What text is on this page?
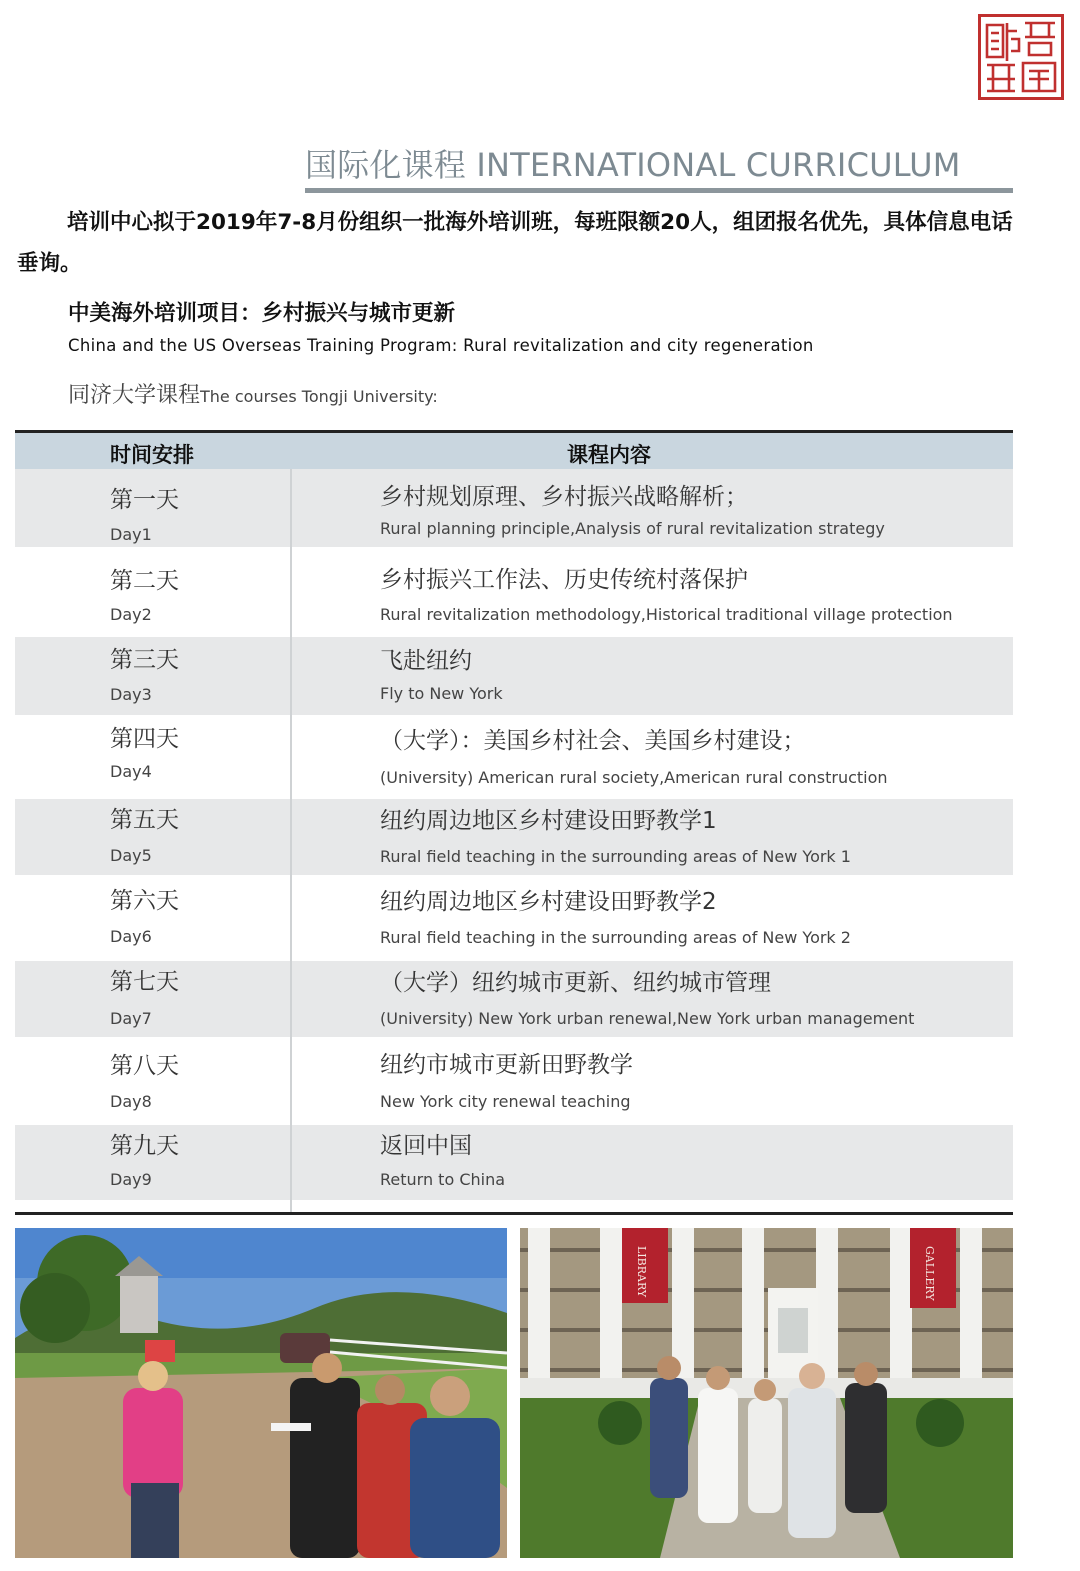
国际化课程 INTERNATIONAL CURRICULUM
培训中心拟于2019年7-8月份组织一批海外培训班，每班限额20人，组团报名优先，具体信息电话垂询。
中美海外培训项目：乡村振兴与城市更新
China and the US Overseas Training Program: Rural revitalization and city regeneration
同济大学课程The courses Tongji University:
时间安排	课程内容
第一天
Day1
乡村规划原理、乡村振兴战略解析；
Rural planning principle,Analysis of rural revitalization strategy
第二天
Day2
乡村振兴工作法、历史传统村落保护
Rural revitalization methodology,Historical traditional village protection
第三天
Day3
飞赴纽约
Fly to New York
第四天
Day4
（大学）：美国乡村社会、美国乡村建设；
(University) American rural society,American rural construction
第五天
Day5
纽约周边地区乡村建设田野教学1
Rural field teaching in the surrounding areas of New York 1
第六天
Day6
纽约周边地区乡村建设田野教学2
Rural field teaching in the surrounding areas of New York 2
第七天
Day7
（大学）纽约城市更新、纽约城市管理
(University) New York urban renewal,New York urban management
第八天
Day8
纽约市城市更新田野教学
New York city renewal teaching
第九天
Day9
返回中国
Return to China
LIBRARY	GALLERY
